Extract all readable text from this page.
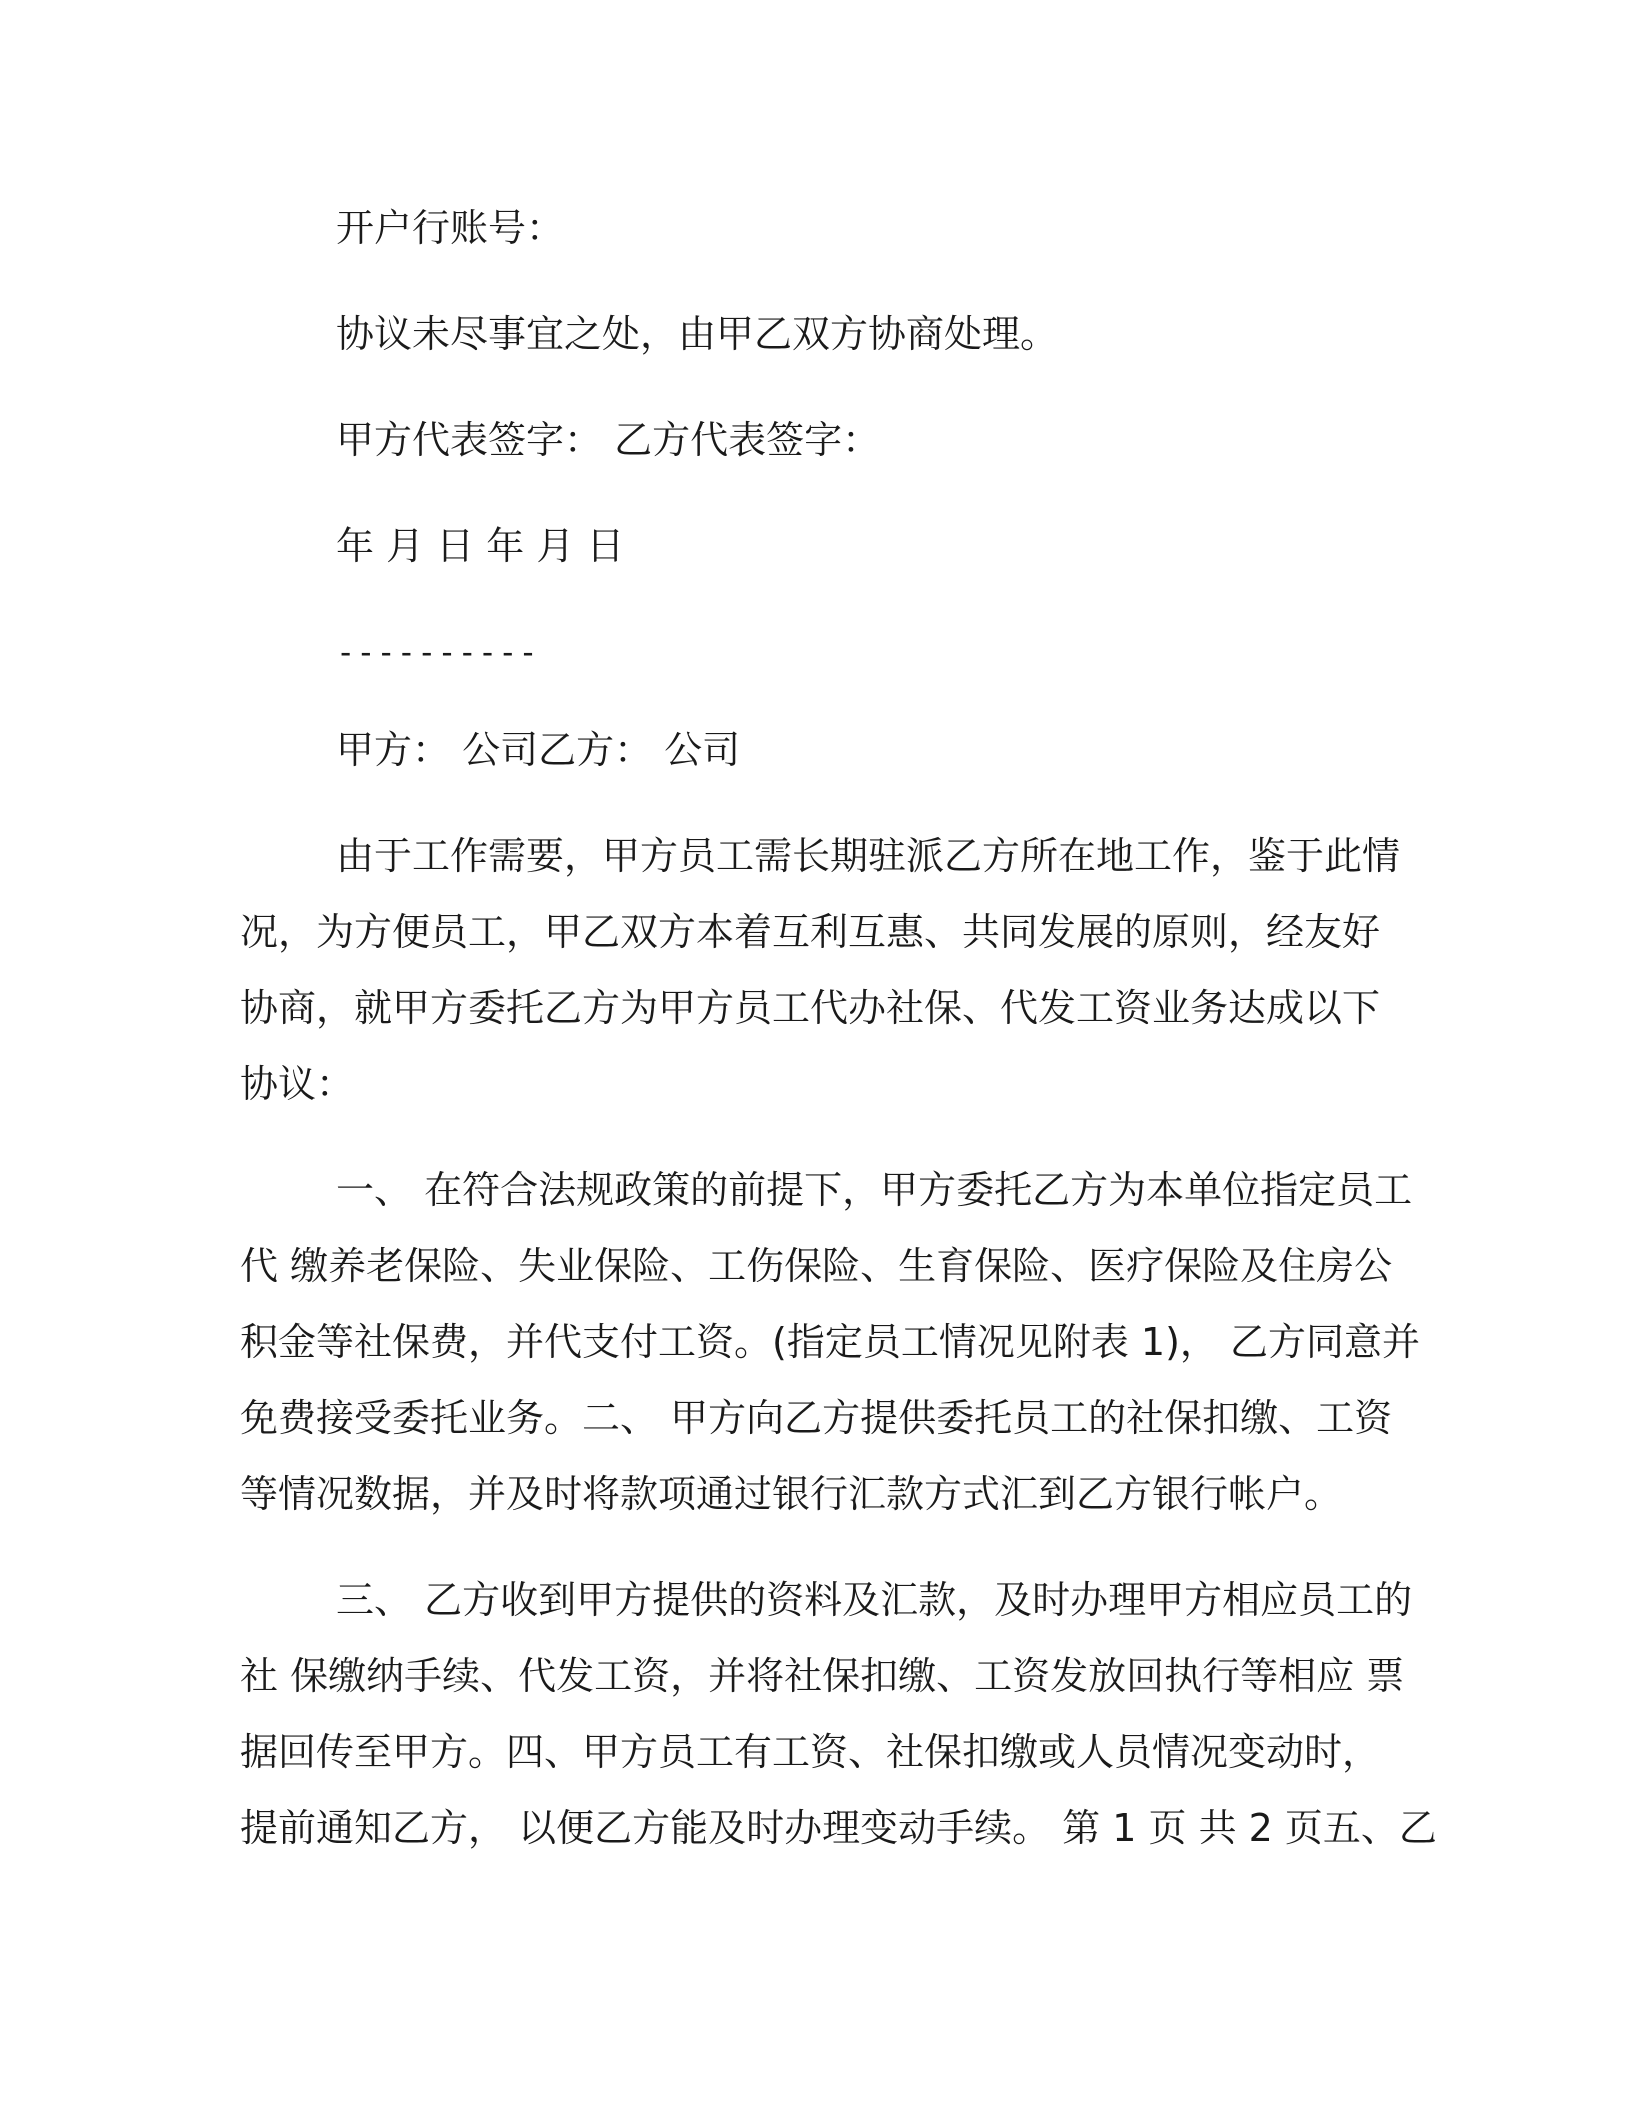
开户行账号：
协议未尽事宜之处，由甲乙双方协商处理。
甲方代表签字： 乙方代表签字：
年 月 日 年 月 日
----------
甲方： 公司乙方： 公司
由于工作需要，甲方员工需长期驻派乙方所在地工作，鉴于此情
况，为方便员工，甲乙双方本着互利互惠、共同发展的原则，经友好
协商，就甲方委托乙方为甲方员工代办社保、代发工资业务达成以下
协议：
一、 在符合法规政策的前提下，甲方委托乙方为本单位指定员工
代 缴养老保险、失业保险、工伤保险、生育保险、医疗保险及住房公
积金等社保费，并代支付工资。(指定员工情况见附表 1)， 乙方同意并
免费接受委托业务。二、 甲方向乙方提供委托员工的社保扣缴、工资
等情况数据，并及时将款项通过银行汇款方式汇到乙方银行帐户。
三、 乙方收到甲方提供的资料及汇款，及时办理甲方相应员工的
社 保缴纳手续、代发工资，并将社保扣缴、工资发放回执行等相应 票
据回传至甲方。四、甲方员工有工资、社保扣缴或人员情况变动时，
提前通知乙方， 以便乙方能及时办理变动手续。 第 1 页 共 2 页五、乙
